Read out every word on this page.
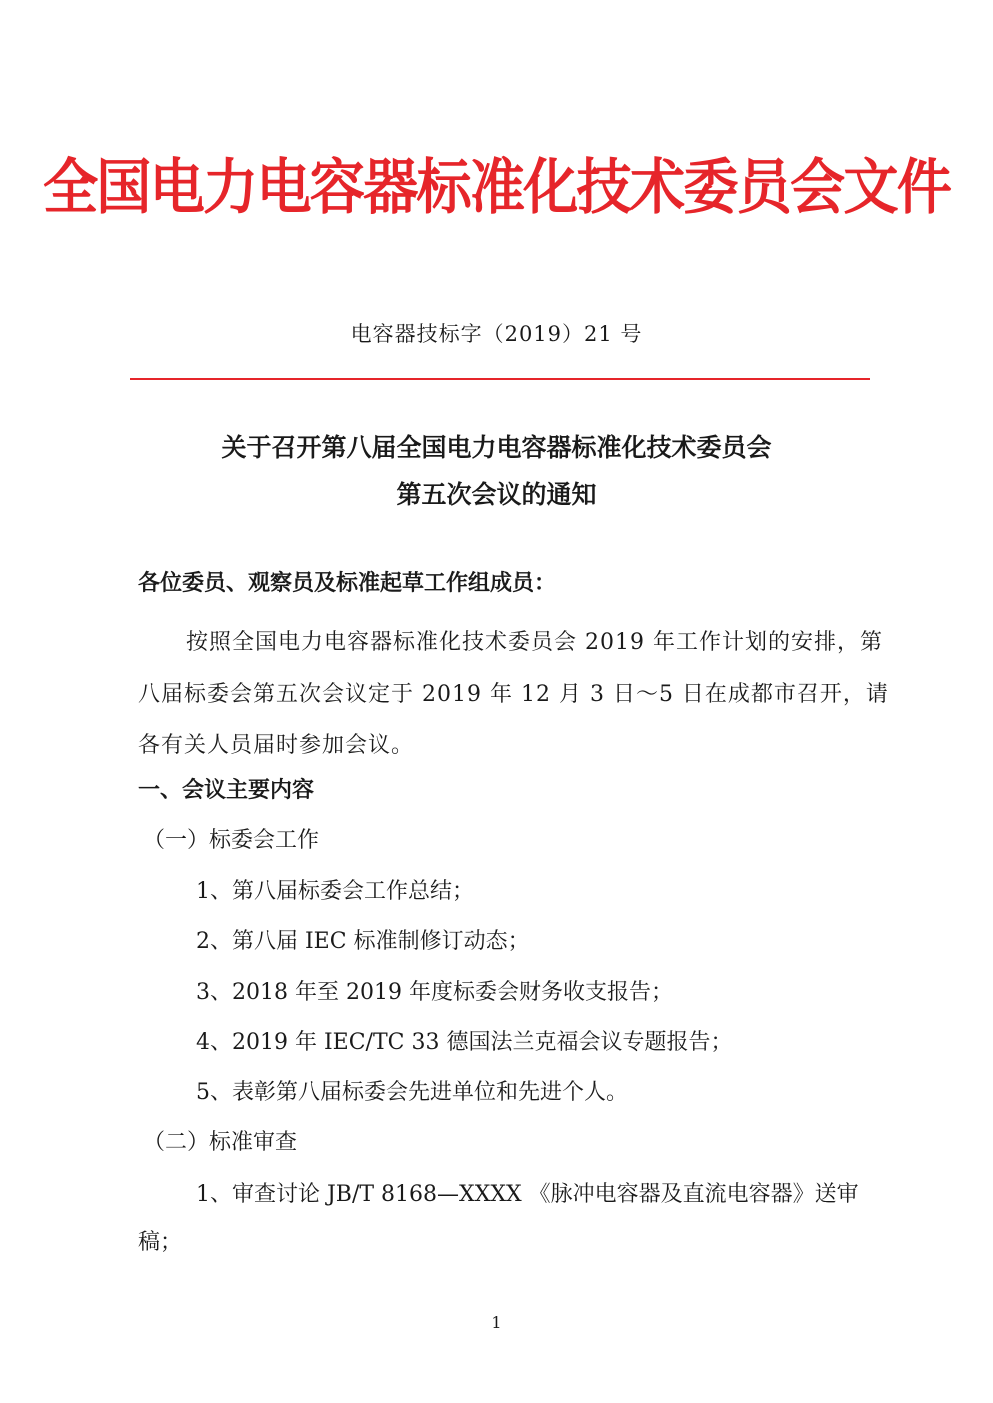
全国电力电容器标准化技术委员会文件
电容器技标字（2019）21 号
关于召开第八届全国电力电容器标准化技术委员会
第五次会议的通知
各位委员、观察员及标准起草工作组成员：
按照全国电力电容器标准化技术委员会 2019 年工作计划的安排，第
八届标委会第五次会议定于 2019 年 12 月 3 日～5 日在成都市召开，请
各有关人员届时参加会议。
一、会议主要内容
（一）标委会工作
1、第八届标委会工作总结；
2、第八届 IEC 标准制修订动态；
3、2018 年至 2019 年度标委会财务收支报告；
4、2019 年 IEC/TC 33 德国法兰克福会议专题报告；
5、表彰第八届标委会先进单位和先进个人。
（二）标准审查
1、审查讨论 JB/T 8168—XXXX 《脉冲电容器及直流电容器》送审
稿；
1
